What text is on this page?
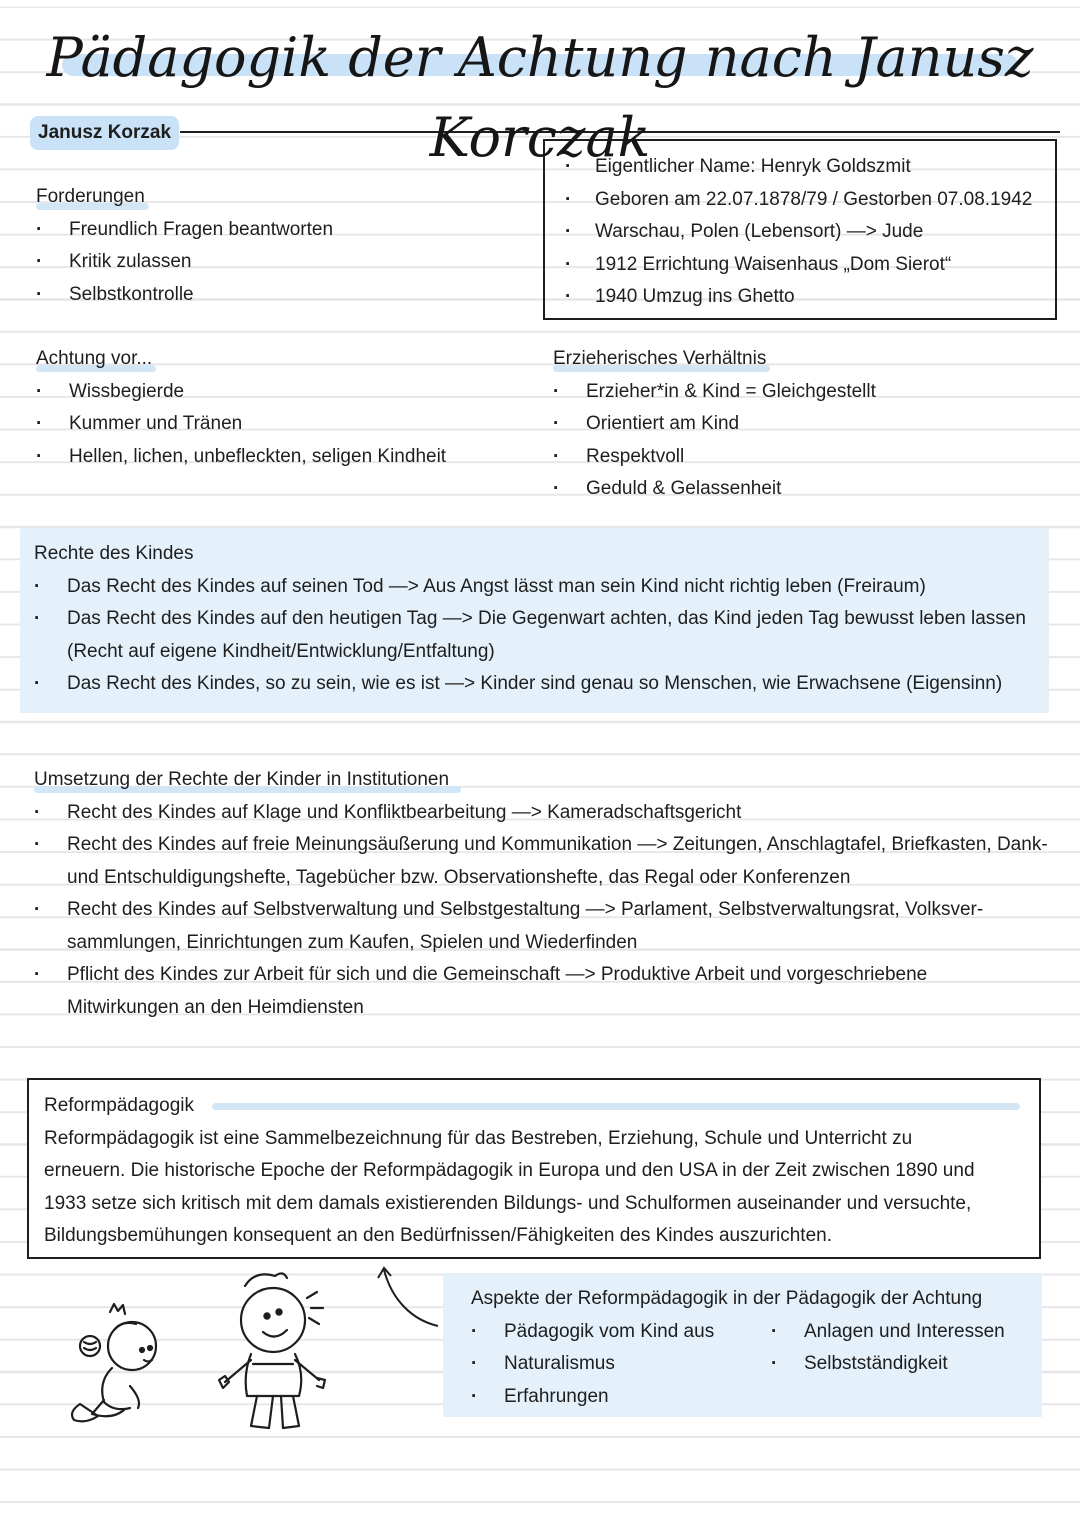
Pädagogik der Achtung nach Janusz Korczak
Janusz Korzak
· Eigentlicher Name: Henryk Goldszmit
· Geboren am 22.07.1878/79 / Gestorben 07.08.1942
· Warschau, Polen (Lebensort) —> Jude
· 1912 Errichtung Waisenhaus „Dom Sierot“
· 1940 Umzug ins Ghetto
Forderungen
· Freundlich Fragen beantworten
· Kritik zulassen
· Selbstkontrolle
Achtung vor...
· Wissbegierde
· Kummer und Tränen
· Hellen, lichen, unbefleckten, seligen Kindheit
Erzieherisches Verhältnis
· Erzieher*in & Kind = Gleichgestellt
· Orientiert am Kind
· Respektvoll
· Geduld & Gelassenheit
Rechte des Kindes
· Das Recht des Kindes auf seinen Tod —> Aus Angst lässt man sein Kind nicht richtig leben (Freiraum)
· Das Recht des Kindes auf den heutigen Tag —> Die Gegenwart achten, das Kind jeden Tag bewusst leben lassen (Recht auf eigene Kindheit/Entwicklung/Entfaltung)
· Das Recht des Kindes, so zu sein, wie es ist —> Kinder sind genau so Menschen, wie Erwachsene (Eigensinn)
Umsetzung der Rechte der Kinder in Institutionen
· Recht des Kindes auf Klage und Konfliktbearbeitung —> Kameradschaftsgericht
· Recht des Kindes auf freie Meinungsäußerung und Kommunikation —> Zeitungen, Anschlagtafel, Briefkasten, Dank- und Entschuldigungshefte, Tagebücher bzw. Observationshefte, das Regal oder Konferenzen
· Recht des Kindes auf Selbstverwaltung und Selbstgestaltung —> Parlament, Selbstverwaltungsrat, Volksver-sammlungen, Einrichtungen zum Kaufen, Spielen und Wiederfinden
· Pflicht des Kindes zur Arbeit für sich und die Gemeinschaft —> Produktive Arbeit und vorgeschriebene Mitwirkungen an den Heimdiensten
Reformpädagogik

Reformpädagogik ist eine Sammelbezeichnung für das Bestreben, Erziehung, Schule und Unterricht zu erneuern. Die historische Epoche der Reformpädagogik in Europa und den USA in der Zeit zwischen 1890 und 1933 setze sich kritisch mit dem damals existierenden Bildungs- und Schulformen auseinander und versuchte, Bildungsbemühungen konsequent an den Bedürfnissen/Fähigkeiten des Kindes auszurichten.

Aspekte der Reformpädagogik in der Pädagogik der Achtung
· Pädagogik vom Kind aus
· Naturalismus
· Erfahrungen
· Anlagen und Interessen
· Selbstständigkeit
